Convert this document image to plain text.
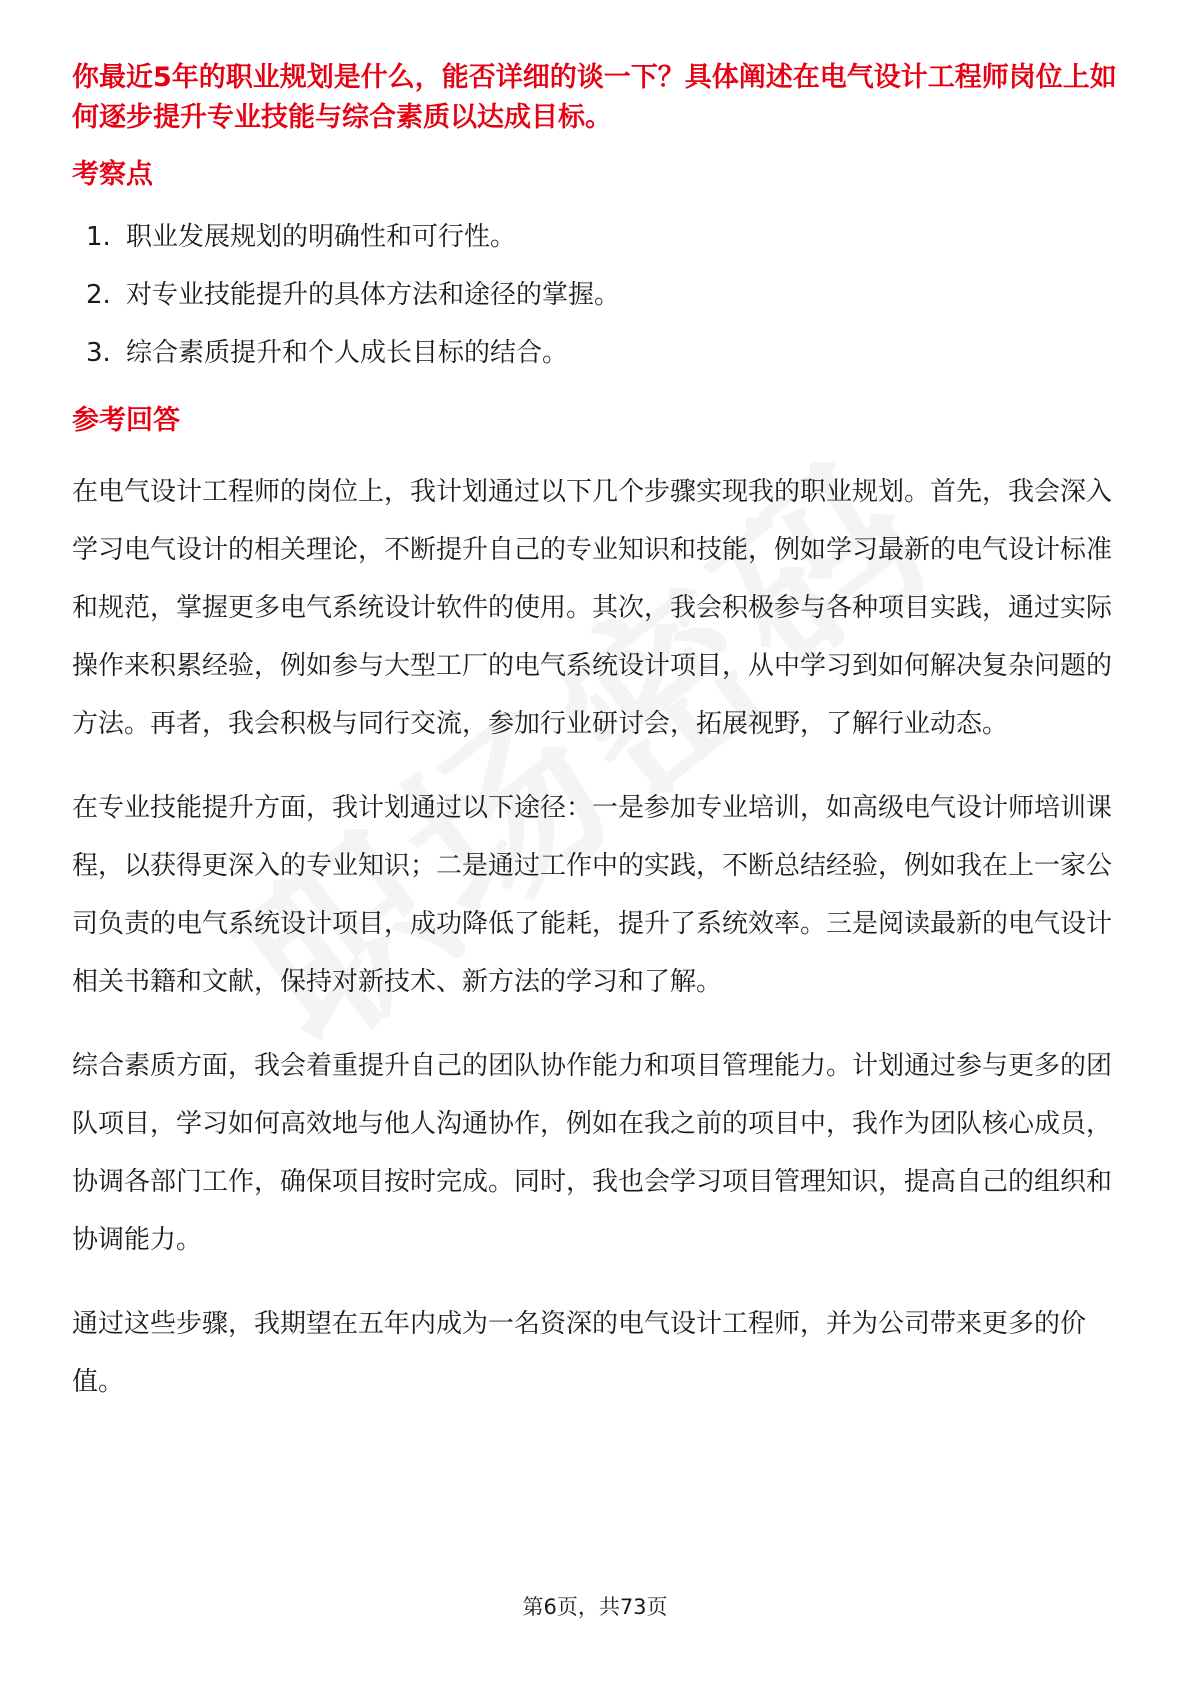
你最近5年的职业规划是什么，能否详细的谈一下？具体阐述在电气设计工程师岗位上如何逐步提升专业技能与综合素质以达成目标。

考察点

1. 职业发展规划的明确性和可行性。
2. 对专业技能提升的具体方法和途径的掌握。
3. 综合素质提升和个人成长目标的结合。

参考回答

在电气设计工程师的岗位上，我计划通过以下几个步骤实现我的职业规划。首先，我会深入学习电气设计的相关理论，不断提升自己的专业知识和技能，例如学习最新的电气设计标准和规范，掌握更多电气系统设计软件的使用。其次，我会积极参与各种项目实践，通过实际操作来积累经验，例如参与大型工厂的电气系统设计项目，从中学习到如何解决复杂问题的方法。再者，我会积极与同行交流，参加行业研讨会，拓展视野，了解行业动态。

在专业技能提升方面，我计划通过以下途径：一是参加专业培训，如高级电气设计师培训课程，以获得更深入的专业知识；二是通过工作中的实践，不断总结经验，例如我在上一家公司负责的电气系统设计项目，成功降低了能耗，提升了系统效率。三是阅读最新的电气设计相关书籍和文献，保持对新技术、新方法的学习和了解。

综合素质方面，我会着重提升自己的团队协作能力和项目管理能力。计划通过参与更多的团队项目，学习如何高效地与他人沟通协作，例如在我之前的项目中，我作为团队核心成员，协调各部门工作，确保项目按时完成。同时，我也会学习项目管理知识，提高自己的组织和协调能力。

通过这些步骤，我期望在五年内成为一名资深的电气设计工程师，并为公司带来更多的价值。

第6页，共73页
